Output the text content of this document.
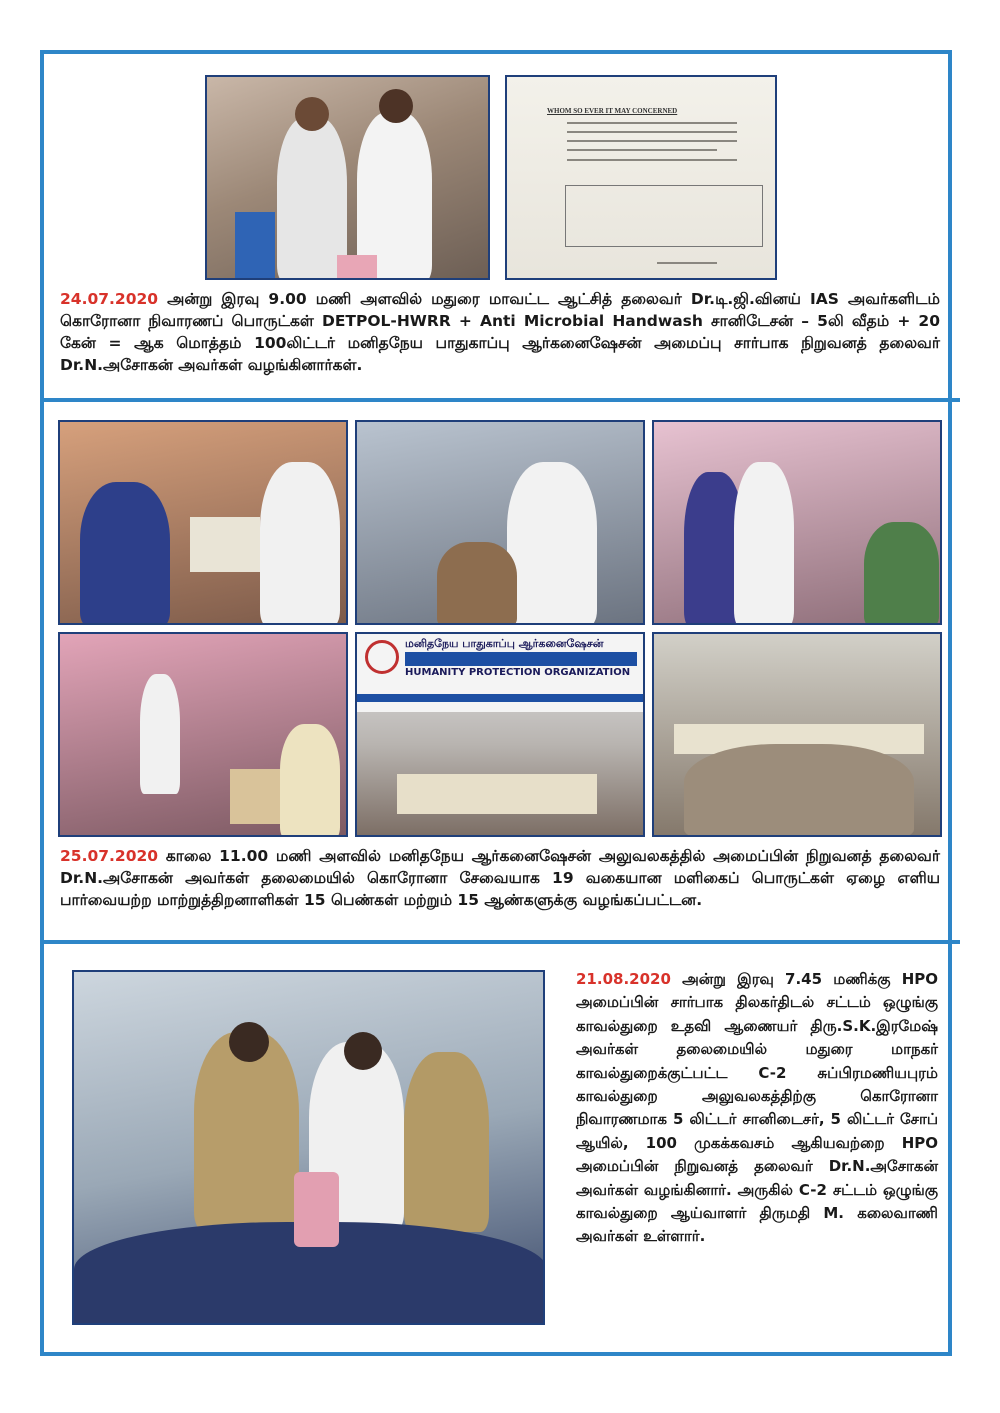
WHOM SO EVER IT MAY CONCERNED

24.07.2020 அன்று இரவு 9.00 மணி அளவில் மதுரை மாவட்ட ஆட்சித் தலைவர் Dr.டி.ஜி.வினய் IAS அவர்களிடம் கொரோனா நிவாரணப் பொருட்கள் DETPOL-HWRR + Anti Microbial Handwash சானிடேசன் – 5லி வீதம் + 20 கேன் = ஆக மொத்தம் 100லிட்டர் மனிதநேய பாதுகாப்பு ஆர்கனைஷேசன் அமைப்பு சார்பாக நிறுவனத் தலைவர் Dr.N.அசோகன் அவர்கள் வழங்கினார்கள்.

மனிதநேய பாதுகாப்பு ஆர்கனைஷேசன்
HUMANITY PROTECTION ORGANIZATION

25.07.2020 காலை 11.00 மணி அளவில் மனிதநேய ஆர்கனைஷேசன் அலுவலகத்தில் அமைப்பின் நிறுவனத் தலைவர் Dr.N.அசோகன் அவர்கள் தலைமையில் கொரோனா சேவையாக 19 வகையான மளிகைப் பொருட்கள் ஏழை எளிய பார்வையற்ற மாற்றுத்திறனாளிகள் 15 பெண்கள் மற்றும் 15 ஆண்களுக்கு வழங்கப்பட்டன.

21.08.2020 அன்று இரவு 7.45 மணிக்கு HPO அமைப்பின் சார்பாக திலகர்திடல் சட்டம் ஒழுங்கு காவல்துறை உதவி ஆணையர் திரு.S.K.இரமேஷ் அவர்கள் தலைமையில் மதுரை மாநகர் காவல்துறைக்குட்பட்ட C-2 சுப்பிரமணியபுரம் காவல்துறை அலுவலகத்திற்கு கொரோனா நிவாரணமாக 5 லிட்டர் சானிடைசர், 5 லிட்டர் சோப் ஆயில், 100 முகக்கவசம் ஆகியவற்றை HPO அமைப்பின் நிறுவனத் தலைவர் Dr.N.அசோகன் அவர்கள் வழங்கினார். அருகில் C-2 சட்டம் ஒழுங்கு காவல்துறை ஆய்வாளர் திருமதி M. கலைவாணி அவர்கள் உள்ளார்.
